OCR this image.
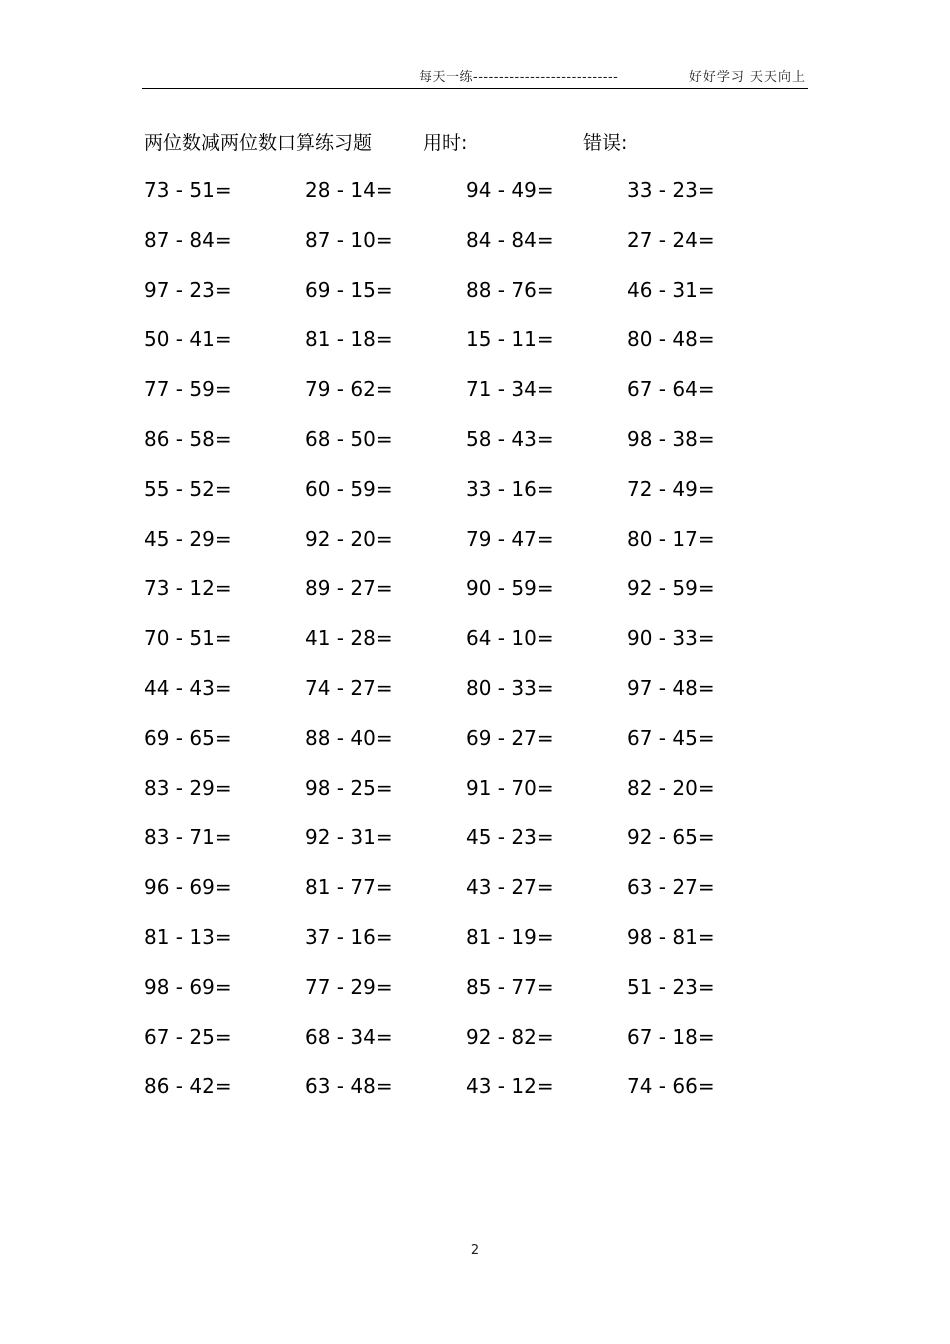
每天一练----------------------------	好好学习 天天向上
两位数减两位数口算练习题	用时:	错误:
73 - 51=	28 - 14=	94 - 49=	33 - 23=
87 - 84=	87 - 10=	84 - 84=	27 - 24=
97 - 23=	69 - 15=	88 - 76=	46 - 31=
50 - 41=	81 - 18=	15 - 11=	80 - 48=
77 - 59=	79 - 62=	71 - 34=	67 - 64=
86 - 58=	68 - 50=	58 - 43=	98 - 38=
55 - 52=	60 - 59=	33 - 16=	72 - 49=
45 - 29=	92 - 20=	79 - 47=	80 - 17=
73 - 12=	89 - 27=	90 - 59=	92 - 59=
70 - 51=	41 - 28=	64 - 10=	90 - 33=
44 - 43=	74 - 27=	80 - 33=	97 - 48=
69 - 65=	88 - 40=	69 - 27=	67 - 45=
83 - 29=	98 - 25=	91 - 70=	82 - 20=
83 - 71=	92 - 31=	45 - 23=	92 - 65=
96 - 69=	81 - 77=	43 - 27=	63 - 27=
81 - 13=	37 - 16=	81 - 19=	98 - 81=
98 - 69=	77 - 29=	85 - 77=	51 - 23=
67 - 25=	68 - 34=	92 - 82=	67 - 18=
86 - 42=	63 - 48=	43 - 12=	74 - 66=
2
